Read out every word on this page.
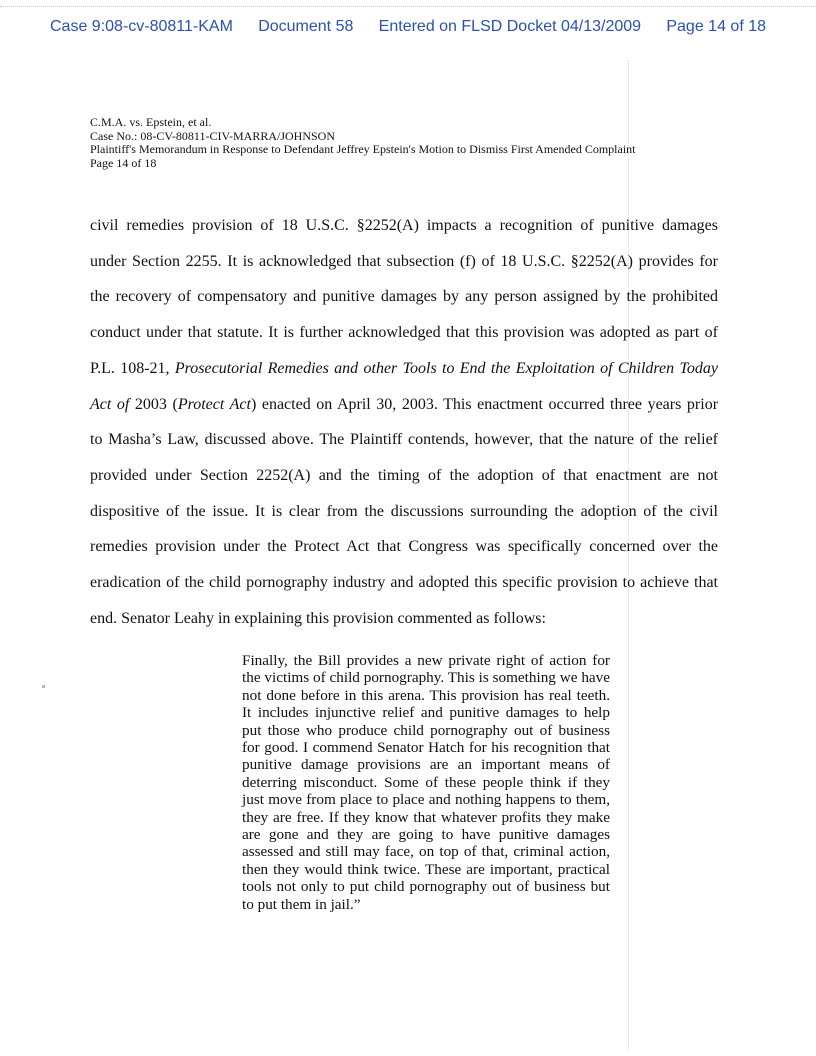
Case 9:08-cv-80811-KAM Document 58 Entered on FLSD Docket 04/13/2009 Page 14 of 18
C.M.A. vs. Epstein, et al.
Case No.: 08-CV-80811-CIV-MARRA/JOHNSON
Plaintiff's Memorandum in Response to Defendant Jeffrey Epstein's Motion to Dismiss First Amended Complaint
Page 14 of 18
civil remedies provision of 18 U.S.C. §2252(A) impacts a recognition of punitive damages
under Section 2255. It is acknowledged that subsection (f) of 18 U.S.C. §2252(A) provides for
the recovery of compensatory and punitive damages by any person assigned by the prohibited
conduct under that statute. It is further acknowledged that this provision was adopted as part of
P.L. 108-21, Prosecutorial Remedies and other Tools to End the Exploitation of Children Today
Act of 2003 (Protect Act) enacted on April 30, 2003. This enactment occurred three years prior
to Masha’s Law, discussed above. The Plaintiff contends, however, that the nature of the relief
provided under Section 2252(A) and the timing of the adoption of that enactment are not
dispositive of the issue. It is clear from the discussions surrounding the adoption of the civil
remedies provision under the Protect Act that Congress was specifically concerned over the
eradication of the child pornography industry and adopted this specific provision to achieve that
end. Senator Leahy in explaining this provision commented as follows:
Finally, the Bill provides a new private right of action for the victims of child pornography. This is something we have not done before in this arena. This provision has real teeth. It includes injunctive relief and punitive damages to help put those who produce child pornography out of business for good. I commend Senator Hatch for his recognition that punitive damage provisions are an important means of deterring misconduct. Some of these people think if they just move from place to place and nothing happens to them, they are free. If they know that whatever profits they make are gone and they are going to have punitive damages assessed and still may face, on top of that, criminal action, then they would think twice. These are important, practical tools not only to put child pornography out of business but to put them in jail.”
